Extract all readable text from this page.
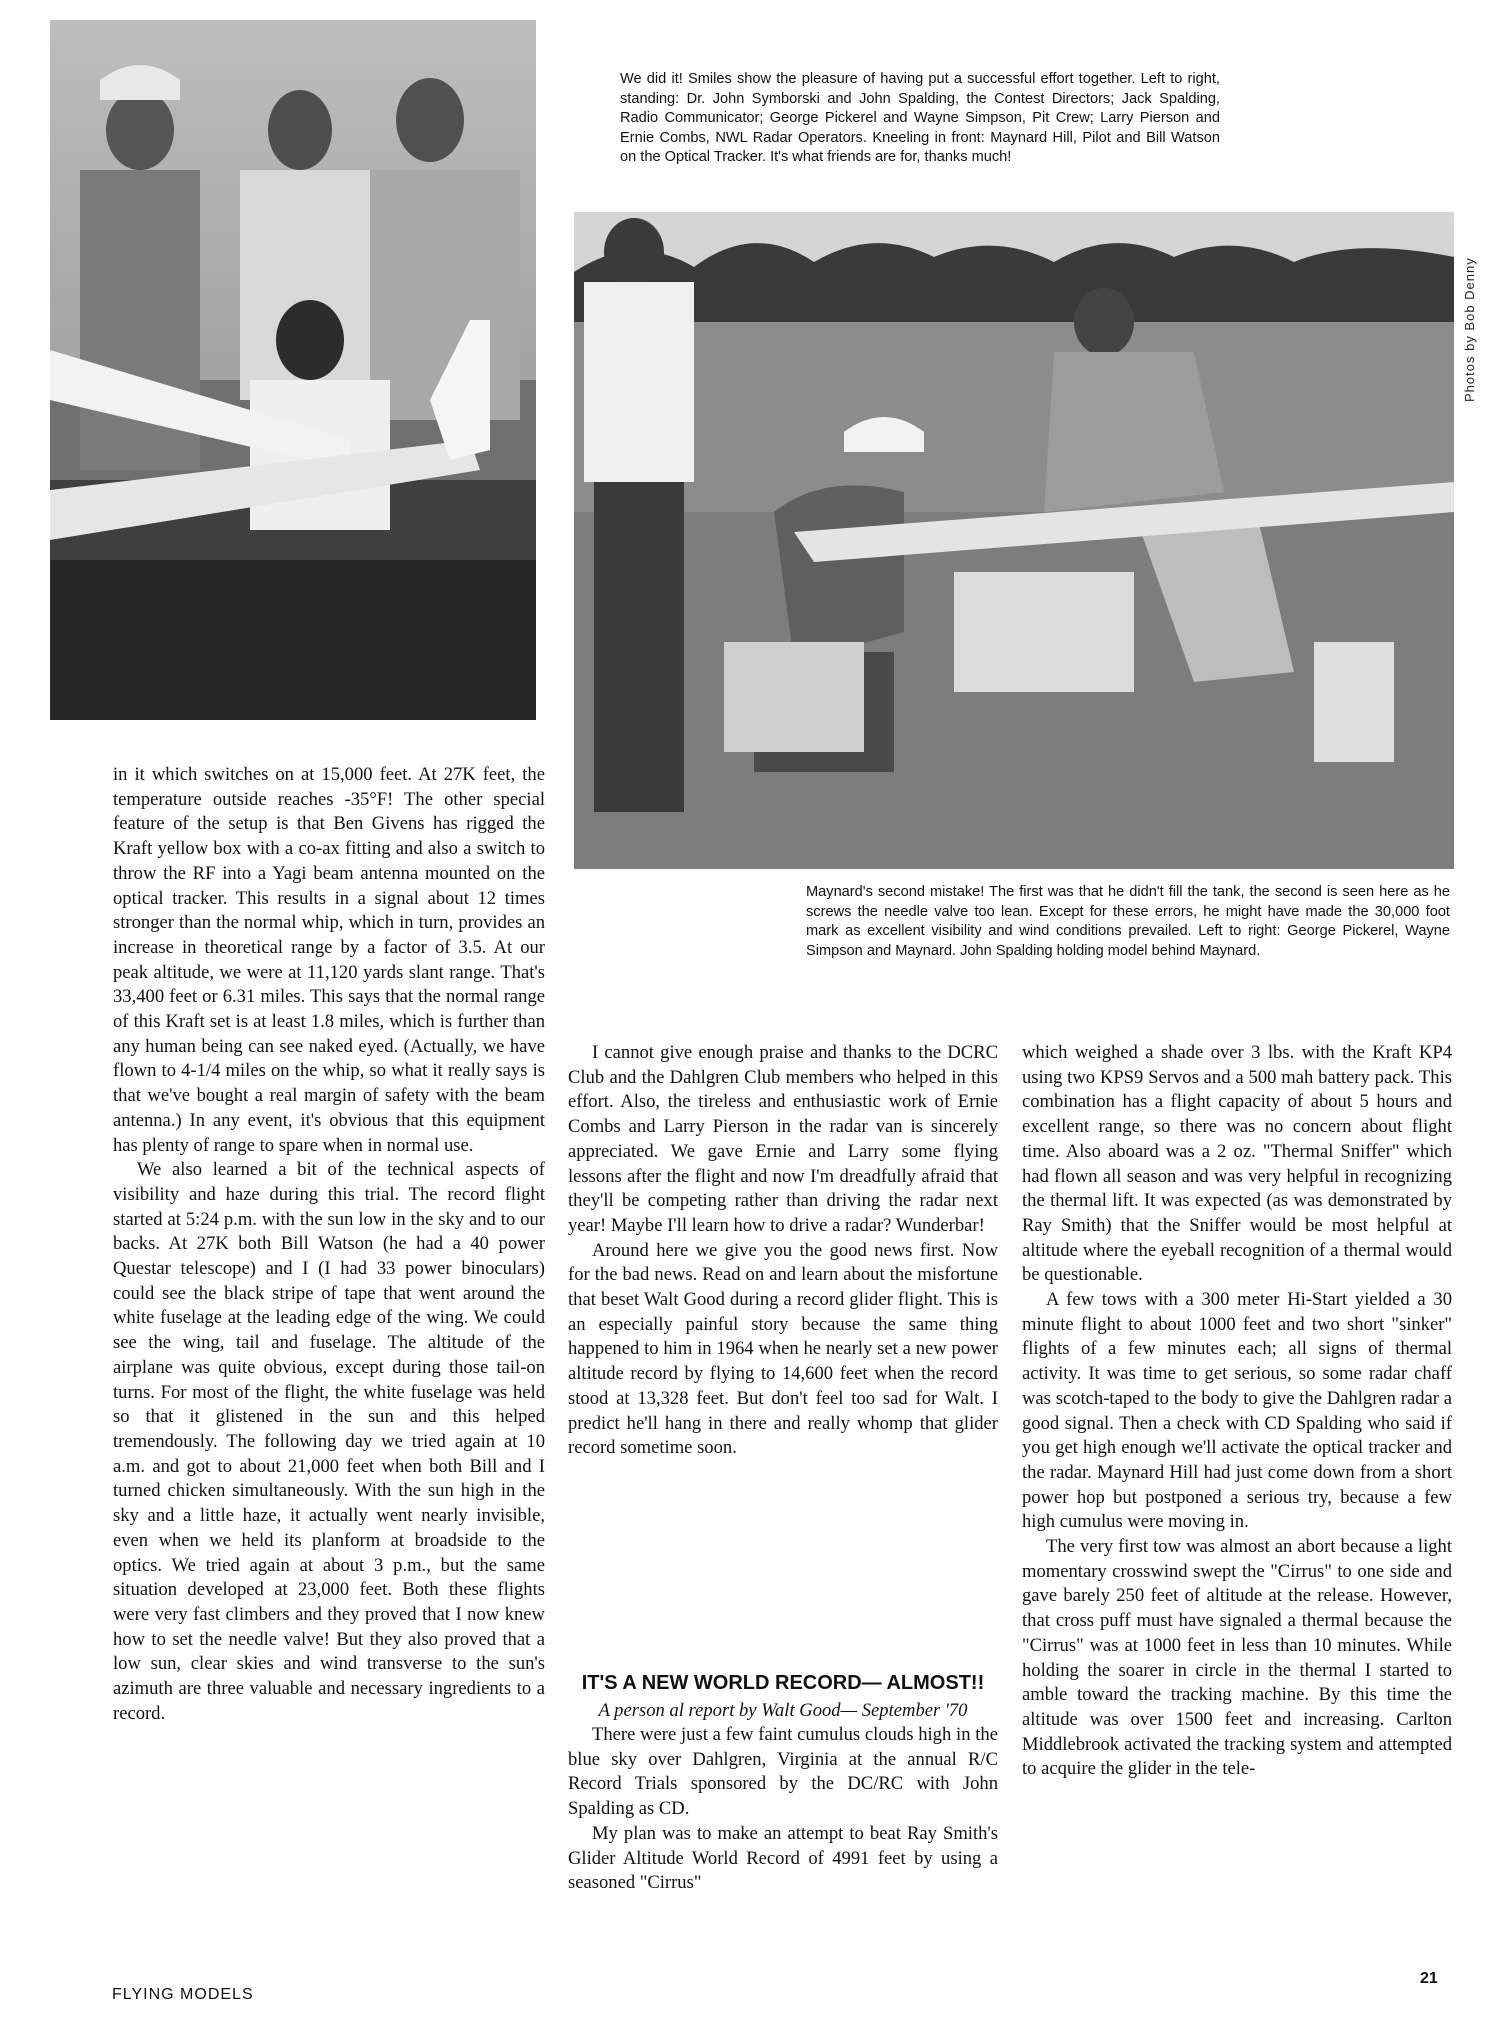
We did it! Smiles show the pleasure of having put a successful effort together. Left to right, standing: Dr. John Symborski and John Spalding, the Contest Directors; Jack Spalding, Radio Communicator; George Pickerel and Wayne Simpson, Pit Crew; Larry Pierson and Ernie Combs, NWL Radar Operators. Kneeling in front: Maynard Hill, Pilot and Bill Watson on the Optical Tracker. It's what friends are for, thanks much!
Photos by Bob Denny
Maynard's second mistake! The first was that he didn't fill the tank, the second is seen here as he screws the needle valve too lean. Except for these errors, he might have made the 30,000 foot mark as excellent visibility and wind conditions prevailed. Left to right: George Pickerel, Wayne Simpson and Maynard. John Spalding holding model behind Maynard.

in it which switches on at 15,000 feet. At 27K feet, the temperature outside reaches -35°F! The other special feature of the setup is that Ben Givens has rigged the Kraft yellow box with a co-ax fitting and also a switch to throw the RF into a Yagi beam antenna mounted on the optical tracker. This results in a signal about 12 times stronger than the normal whip, which in turn, provides an increase in theoretical range by a factor of 3.5. At our peak altitude, we were at 11,120 yards slant range. That's 33,400 feet or 6.31 miles. This says that the normal range of this Kraft set is at least 1.8 miles, which is further than any human being can see naked eyed. (Actually, we have flown to 4-1/4 miles on the whip, so what it really says is that we've bought a real margin of safety with the beam antenna.) In any event, it's obvious that this equipment has plenty of range to spare when in normal use.

We also learned a bit of the technical aspects of visibility and haze during this trial. The record flight started at 5:24 p.m. with the sun low in the sky and to our backs. At 27K both Bill Watson (he had a 40 power Questar telescope) and I (I had 33 power binoculars) could see the black stripe of tape that went around the white fuselage at the leading edge of the wing. We could see the wing, tail and fuselage. The altitude of the airplane was quite obvious, except during those tail-on turns. For most of the flight, the white fuselage was held so that it glistened in the sun and this helped tremendously. The following day we tried again at 10 a.m. and got to about 21,000 feet when both Bill and I turned chicken simultaneously. With the sun high in the sky and a little haze, it actually went nearly invisible, even when we held its planform at broadside to the optics. We tried again at about 3 p.m., but the same situation developed at 23,000 feet. Both these flights were very fast climbers and they proved that I now knew how to set the needle valve! But they also proved that a low sun, clear skies and wind transverse to the sun's azimuth are three valuable and necessary ingredients to a record.

I cannot give enough praise and thanks to the DCRC Club and the Dahlgren Club members who helped in this effort. Also, the tireless and enthusiastic work of Ernie Combs and Larry Pierson in the radar van is sincerely appreciated. We gave Ernie and Larry some flying lessons after the flight and now I'm dreadfully afraid that they'll be competing rather than driving the radar next year! Maybe I'll learn how to drive a radar? Wunderbar!

Around here we give you the good news first. Now for the bad news. Read on and learn about the misfortune that beset Walt Good during a record glider flight. This is an especially painful story because the same thing happened to him in 1964 when he nearly set a new power altitude record by flying to 14,600 feet when the record stood at 13,328 feet. But don't feel too sad for Walt. I predict he'll hang in there and really whomp that glider record sometime soon.

IT'S A NEW WORLD RECORD— ALMOST!!
A person al report by Walt Good— September '70

There were just a few faint cumulus clouds high in the blue sky over Dahlgren, Virginia at the annual R/C Record Trials sponsored by the DC/RC with John Spalding as CD.

My plan was to make an attempt to beat Ray Smith's Glider Altitude World Record of 4991 feet by using a seasoned "Cirrus"

which weighed a shade over 3 lbs. with the Kraft KP4 using two KPS9 Servos and a 500 mah battery pack. This combination has a flight capacity of about 5 hours and excellent range, so there was no concern about flight time. Also aboard was a 2 oz. "Thermal Sniffer" which had flown all season and was very helpful in recognizing the thermal lift. It was expected (as was demonstrated by Ray Smith) that the Sniffer would be most helpful at altitude where the eyeball recognition of a thermal would be questionable.

A few tows with a 300 meter Hi-Start yielded a 30 minute flight to about 1000 feet and two short "sinker" flights of a few minutes each; all signs of thermal activity. It was time to get serious, so some radar chaff was scotch-taped to the body to give the Dahlgren radar a good signal. Then a check with CD Spalding who said if you get high enough we'll activate the optical tracker and the radar. Maynard Hill had just come down from a short power hop but postponed a serious try, because a few high cumulus were moving in.

The very first tow was almost an abort because a light momentary crosswind swept the "Cirrus" to one side and gave barely 250 feet of altitude at the release. However, that cross puff must have signaled a thermal because the "Cirrus" was at 1000 feet in less than 10 minutes. While holding the soarer in circle in the thermal I started to amble toward the tracking machine. By this time the altitude was over 1500 feet and increasing. Carlton Middlebrook activated the tracking system and attempted to acquire the glider in the tele-

FLYING MODELS
21
